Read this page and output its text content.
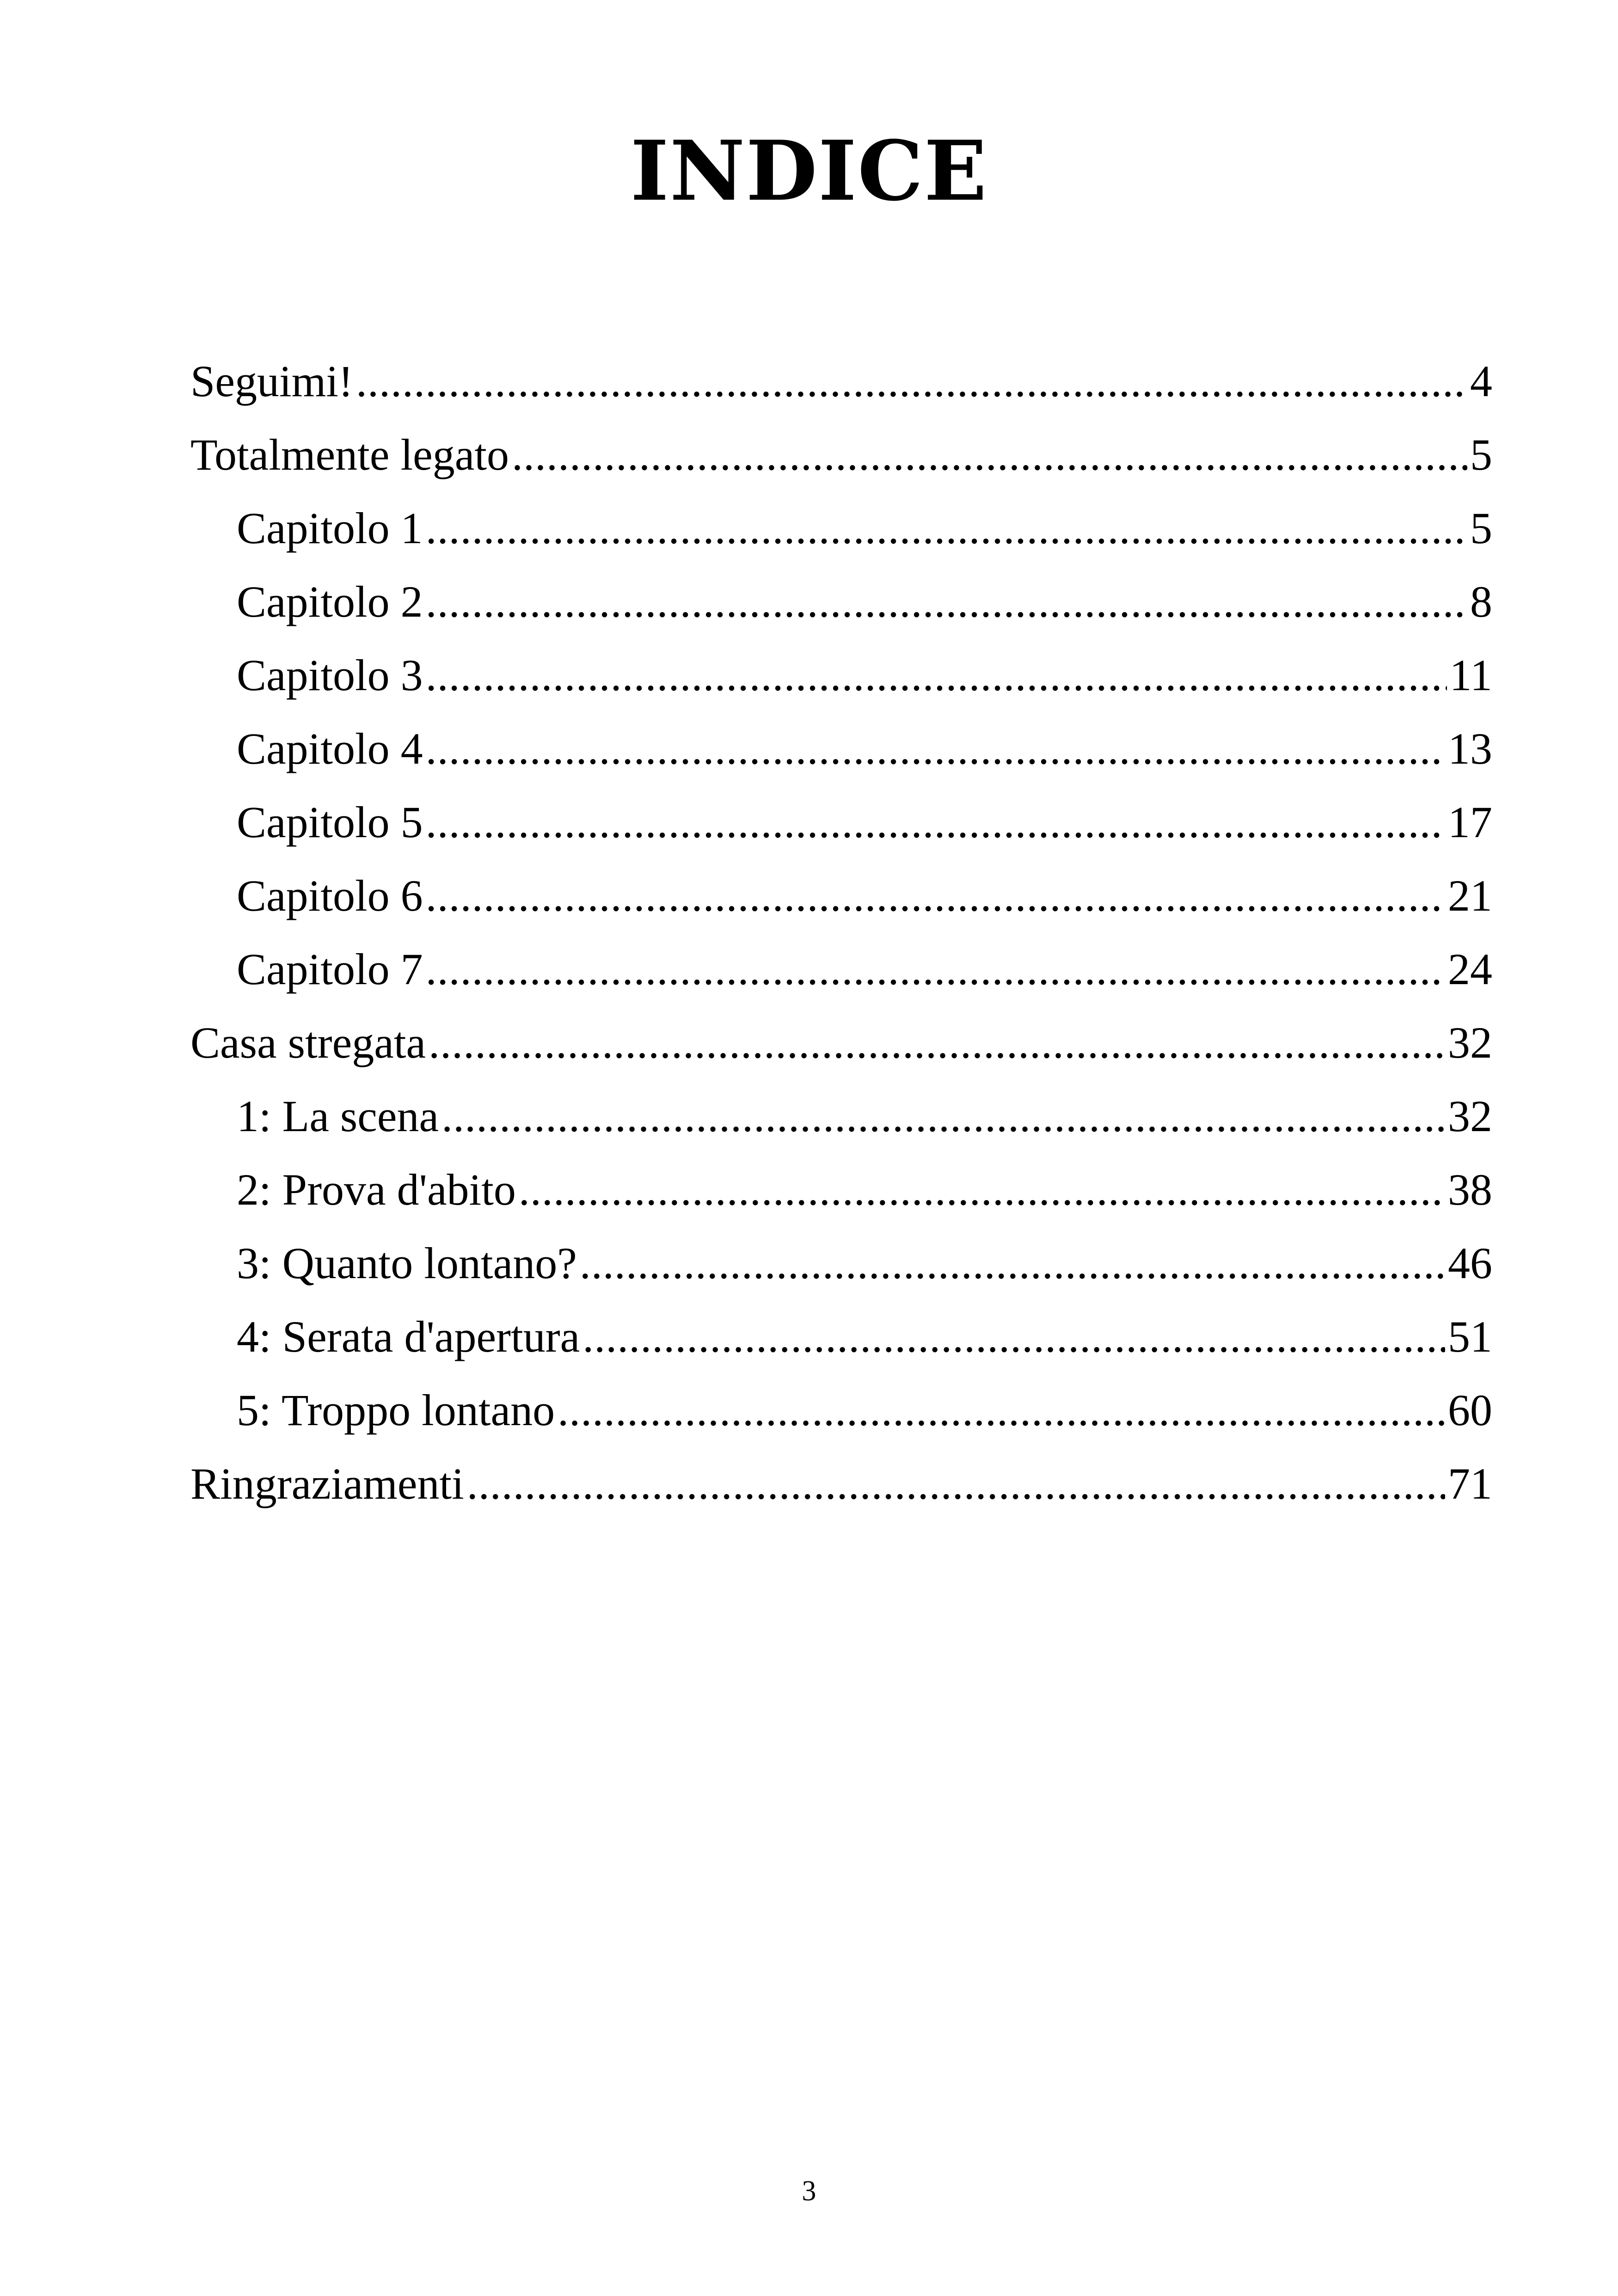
INDICE
Seguimi! .....	4
Totalmente legato .....	5
Capitolo 1 .....	5
Capitolo 2 .....	8
Capitolo 3 .....	11
Capitolo 4 .....	13
Capitolo 5 .....	17
Capitolo 6 .....	21
Capitolo 7 .....	24
Casa stregata .....	32
1: La scena .....	32
2: Prova d'abito .....	38
3: Quanto lontano? .....	46
4: Serata d'apertura .....	51
5: Troppo lontano .....	60
Ringraziamenti .....	71
3
